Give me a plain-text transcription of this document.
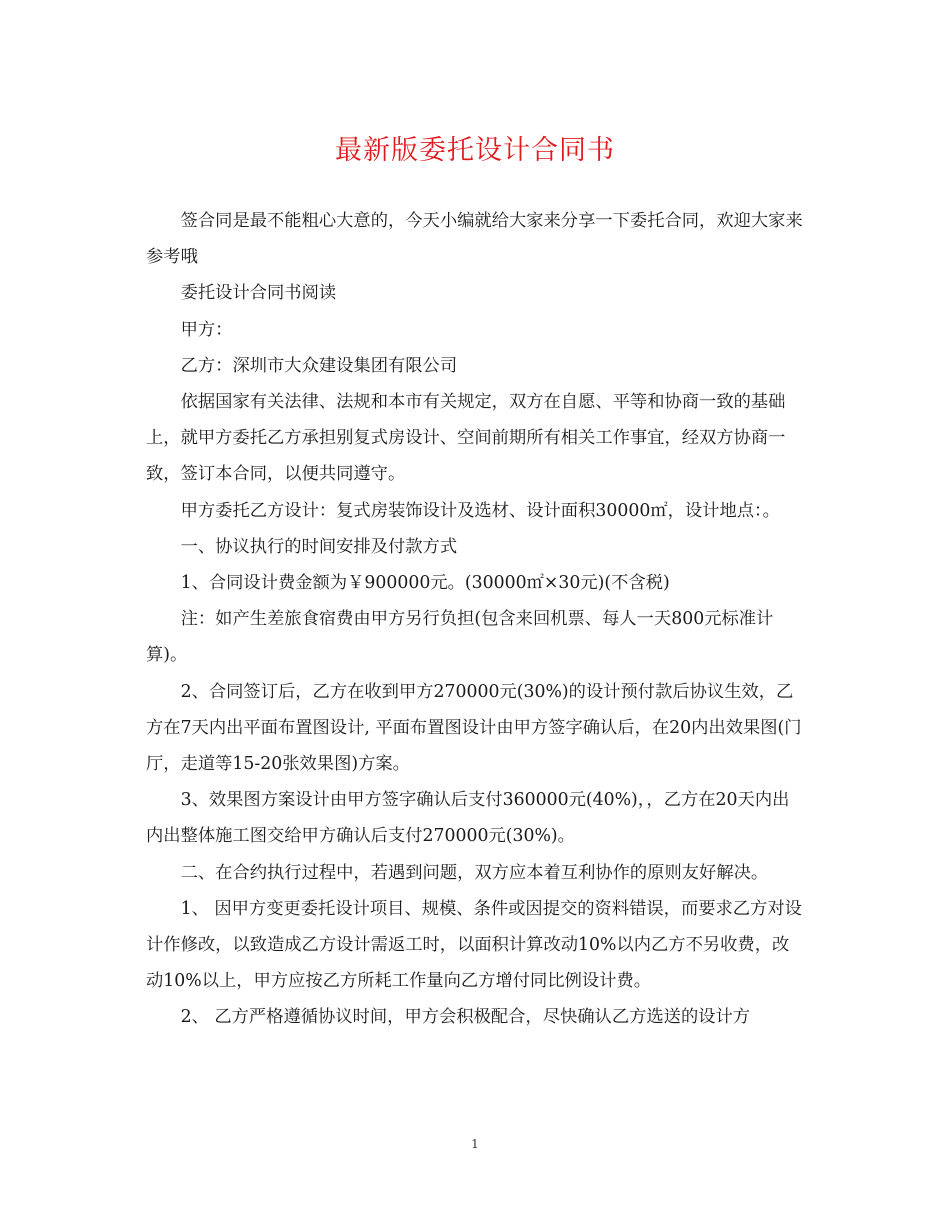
最新版委托设计合同书

签合同是最不能粗心大意的，今天小编就给大家来分享一下委托合同，欢迎大家来参考哦

委托设计合同书阅读

甲方：

乙方：深圳市大众建设集团有限公司

依据国家有关法律、法规和本市有关规定，双方在自愿、平等和协商一致的基础上，就甲方委托乙方承担别复式房设计、空间前期所有相关工作事宜，经双方协商一致，签订本合同，以便共同遵守。

甲方委托乙方设计：复式房装饰设计及选材、设计面积30000㎡，设计地点：。

一、协议执行的时间安排及付款方式

1、合同设计费金额为￥900000元。(30000㎡×30元)(不含税)

注：如产生差旅食宿费由甲方另行负担(包含来回机票、每人一天800元标准计算)。

2、合同签订后，乙方在收到甲方270000元(30%)的设计预付款后协议生效，乙方在7天内出平面布置图设计, 平面布置图设计由甲方签字确认后，在20内出效果图(门厅，走道等15-20张效果图)方案。

3、效果图方案设计由甲方签字确认后支付360000元(40%)，，乙方在20天内出内出整体施工图交给甲方确认后支付270000元(30%)。

二、在合约执行过程中，若遇到问题，双方应本着互利协作的原则友好解决。

1、 因甲方变更委托设计项目、规模、条件或因提交的资料错误，而要求乙方对设计作修改，以致造成乙方设计需返工时，以面积计算改动10%以内乙方不另收费，改动10%以上，甲方应按乙方所耗工作量向乙方增付同比例设计费。

2、 乙方严格遵循协议时间，甲方会积极配合，尽快确认乙方选送的设计方

1
